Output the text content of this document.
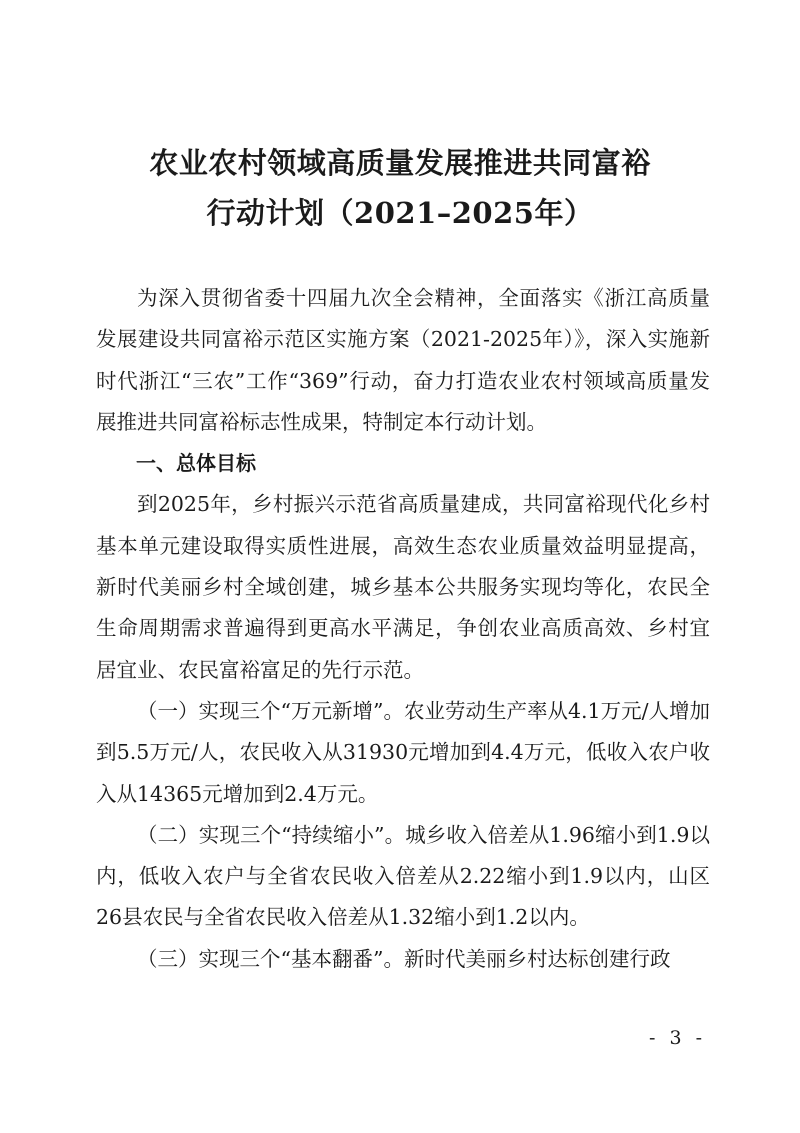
农业农村领域高质量发展推进共同富裕
行动计划（2021–2025年）

为深入贯彻省委十四届九次全会精神，全面落实《浙江高质量发展建设共同富裕示范区实施方案（2021-2025年）》，深入实施新时代浙江“三农”工作“369”行动，奋力打造农业农村领域高质量发展推进共同富裕标志性成果，特制定本行动计划。

一、总体目标

到2025年，乡村振兴示范省高质量建成，共同富裕现代化乡村基本单元建设取得实质性进展，高效生态农业质量效益明显提高，新时代美丽乡村全域创建，城乡基本公共服务实现均等化，农民全生命周期需求普遍得到更高水平满足，争创农业高质高效、乡村宜居宜业、农民富裕富足的先行示范。

（一）实现三个“万元新增”。农业劳动生产率从4.1万元/人增加到5.5万元/人，农民收入从31930元增加到4.4万元，低收入农户收入从14365元增加到2.4万元。

（二）实现三个“持续缩小”。城乡收入倍差从1.96缩小到1.9以内，低收入农户与全省农民收入倍差从2.22缩小到1.9以内，山区26县农民与全省农民收入倍差从1.32缩小到1.2以内。

（三）实现三个“基本翻番”。新时代美丽乡村达标创建行政

- 3 -
